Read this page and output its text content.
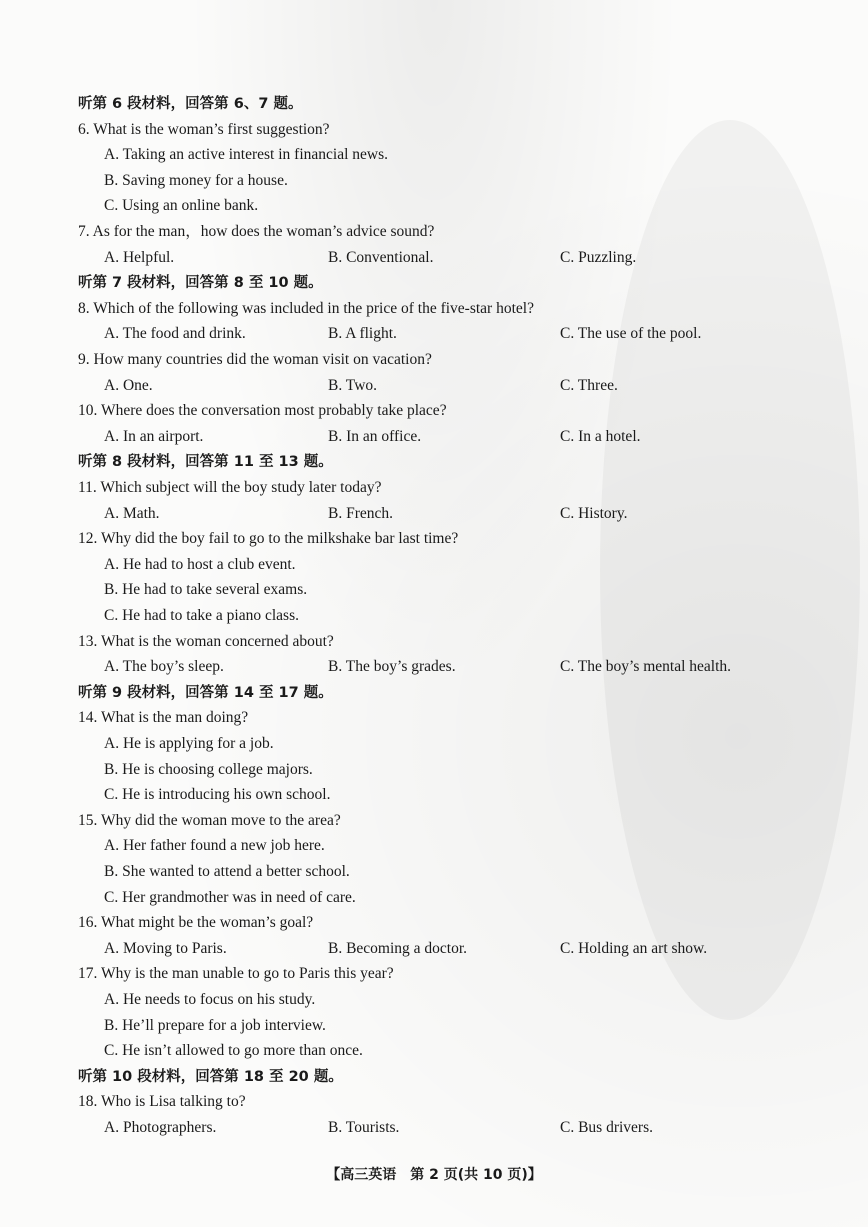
听第 6 段材料，回答第 6、7 题。
6. What is the woman’s first suggestion?
A. Taking an active interest in financial news.
B. Saving money for a house.
C. Using an online bank.
7. As for the man，how does the woman’s advice sound?
A. Helpful.	B. Conventional.	C. Puzzling.
听第 7 段材料，回答第 8 至 10 题。
8. Which of the following was included in the price of the five-star hotel?
A. The food and drink.	B. A flight.	C. The use of the pool.
9. How many countries did the woman visit on vacation?
A. One.	B. Two.	C. Three.
10. Where does the conversation most probably take place?
A. In an airport.	B. In an office.	C. In a hotel.
听第 8 段材料，回答第 11 至 13 题。
11. Which subject will the boy study later today?
A. Math.	B. French.	C. History.
12. Why did the boy fail to go to the milkshake bar last time?
A. He had to host a club event.
B. He had to take several exams.
C. He had to take a piano class.
13. What is the woman concerned about?
A. The boy’s sleep.	B. The boy’s grades.	C. The boy’s mental health.
听第 9 段材料，回答第 14 至 17 题。
14. What is the man doing?
A. He is applying for a job.
B. He is choosing college majors.
C. He is introducing his own school.
15. Why did the woman move to the area?
A. Her father found a new job here.
B. She wanted to attend a better school.
C. Her grandmother was in need of care.
16. What might be the woman’s goal?
A. Moving to Paris.	B. Becoming a doctor.	C. Holding an art show.
17. Why is the man unable to go to Paris this year?
A. He needs to focus on his study.
B. He’ll prepare for a job interview.
C. He isn’t allowed to go more than once.
听第 10 段材料，回答第 18 至 20 题。
18. Who is Lisa talking to?
A. Photographers.	B. Tourists.	C. Bus drivers.
【高三英语　第 2 页(共 10 页)】
